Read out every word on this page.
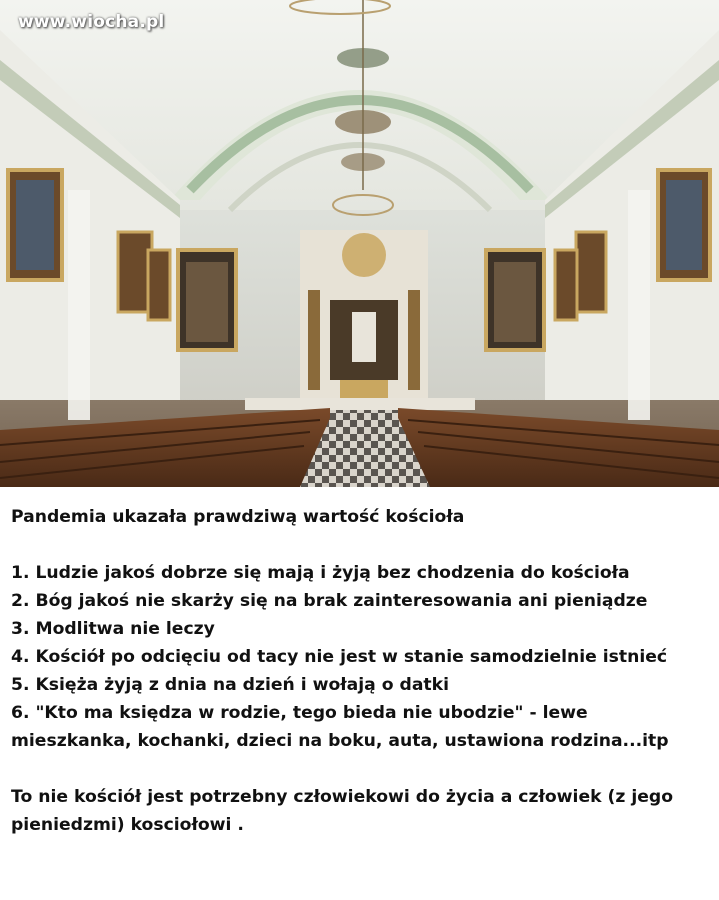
www.wiocha.pl

Pandemia ukazała prawdziwą wartość kościoła

1. Ludzie jakoś dobrze się mają i żyją bez chodzenia do kościoła

2. Bóg jakoś nie skarży się na brak zainteresowania ani pieniądze

3. Modlitwa nie leczy

4. Kościół po odcięciu od tacy nie jest w stanie samodzielnie istnieć

5. Księża żyją z dnia na dzień i wołają o datki

6. "Kto ma księdza w rodzie, tego bieda nie ubodzie" - lewe

mieszkanka, kochanki, dzieci na boku, auta, ustawiona rodzina...itp

To nie kościół jest potrzebny człowiekowi do życia a człowiek (z jego

pieniedzmi) kosciołowi .
